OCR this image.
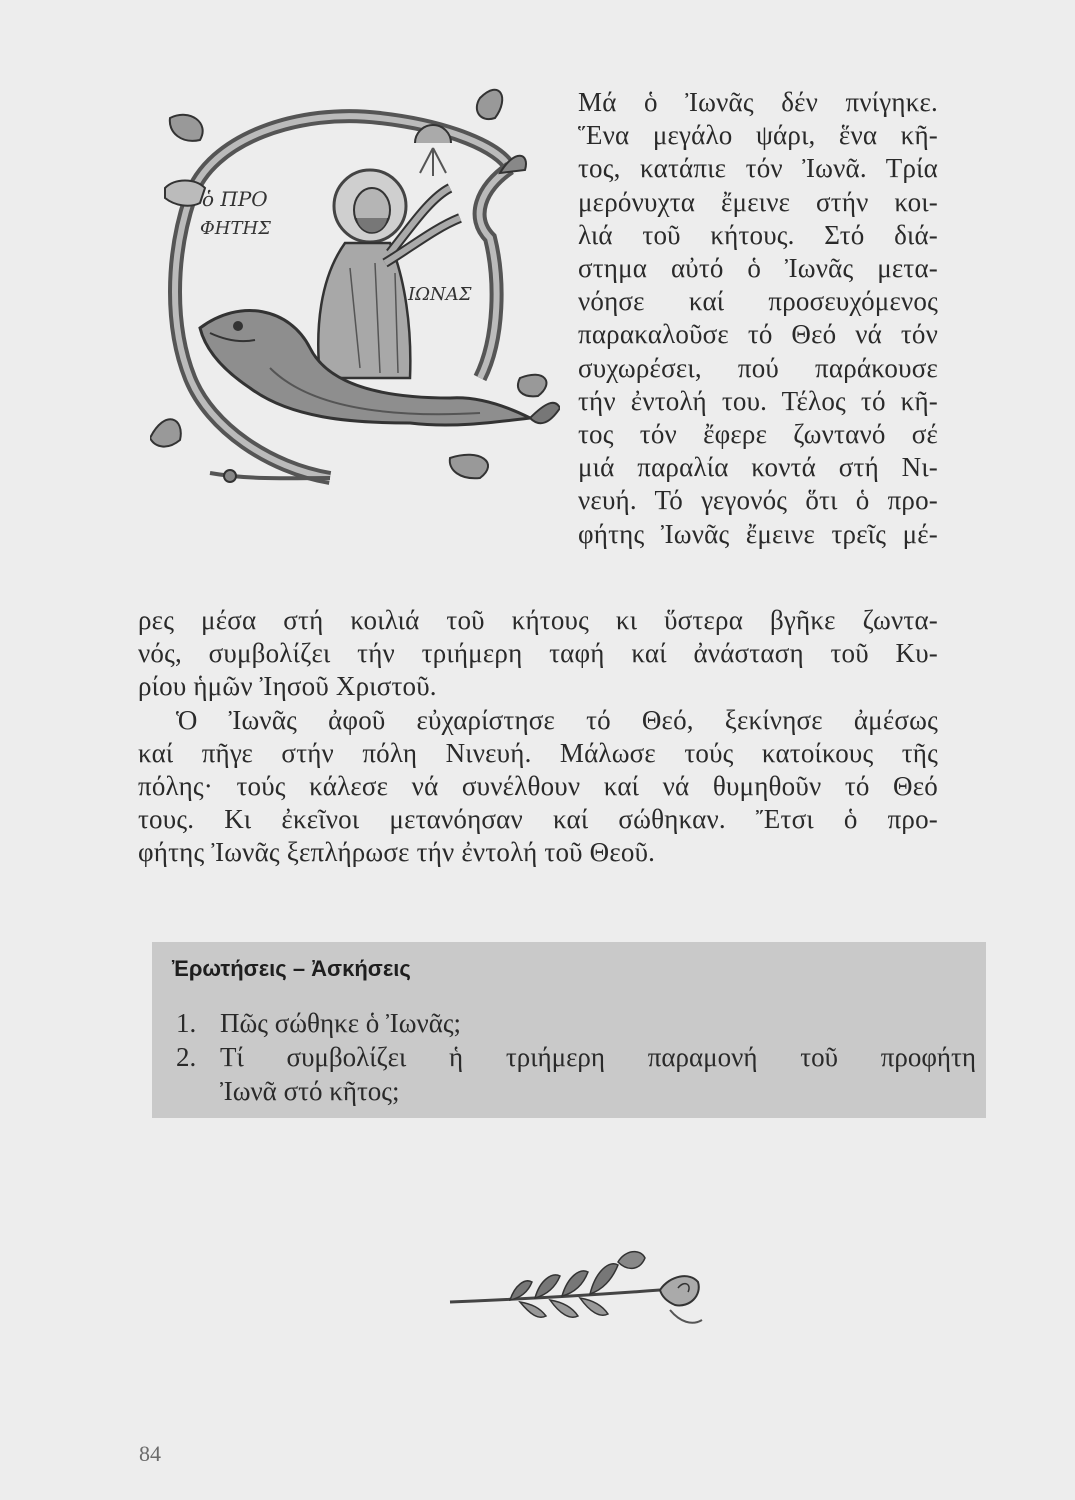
ὁ ΠΡΟ
ΦΗΤΗΣ
ΙΩΝΑΣ
Μά ὁ Ἰωνᾶς δέν πνίγηκε.
Ἕνα μεγάλο ψάρι, ἕνα κῆ-
τος, κατάπιε τόν Ἰωνᾶ. Τρία
μερόνυχτα ἔμεινε στήν κοι-
λιά τοῦ κήτους. Στό διά-
στημα αὐτό ὁ Ἰωνᾶς μετα-
νόησε καί προσευχόμενος
παρακαλοῦσε τό Θεό νά τόν
συχωρέσει, πού παράκουσε
τήν ἐντολή του. Τέλος τό κῆ-
τος τόν ἔφερε ζωντανό σέ
μιά παραλία κοντά στή Νι-
νευή. Τό γεγονός ὅτι ὁ προ-
φήτης Ἰωνᾶς ἔμεινε τρεῖς μέ-
ρες μέσα στή κοιλιά τοῦ κήτους κι ὕστερα βγῆκε ζωντα-
νός, συμβολίζει τήν τριήμερη ταφή καί ἀνάσταση τοῦ Κυ-
ρίου ἡμῶν Ἰησοῦ Χριστοῦ.
Ὁ Ἰωνᾶς ἀφοῦ εὐχαρίστησε τό Θεό, ξεκίνησε ἀμέσως
καί πῆγε στήν πόλη Νινευή. Μάλωσε τούς κατοίκους τῆς
πόλης· τούς κάλεσε νά συνέλθουν καί νά θυμηθοῦν τό Θεό
τους. Κι ἐκεῖνοι μετανόησαν καί σώθηκαν. Ἔτσι ὁ προ-
φήτης Ἰωνᾶς ξεπλήρωσε τήν ἐντολή τοῦ Θεοῦ.
Ἐρωτήσεις – Ἀσκήσεις
1. Πῶς σώθηκε ὁ Ἰωνᾶς;
2. Τί συμβολίζει ἡ τριήμερη παραμονή τοῦ προφήτη
Ἰωνᾶ στό κῆτος;
84
